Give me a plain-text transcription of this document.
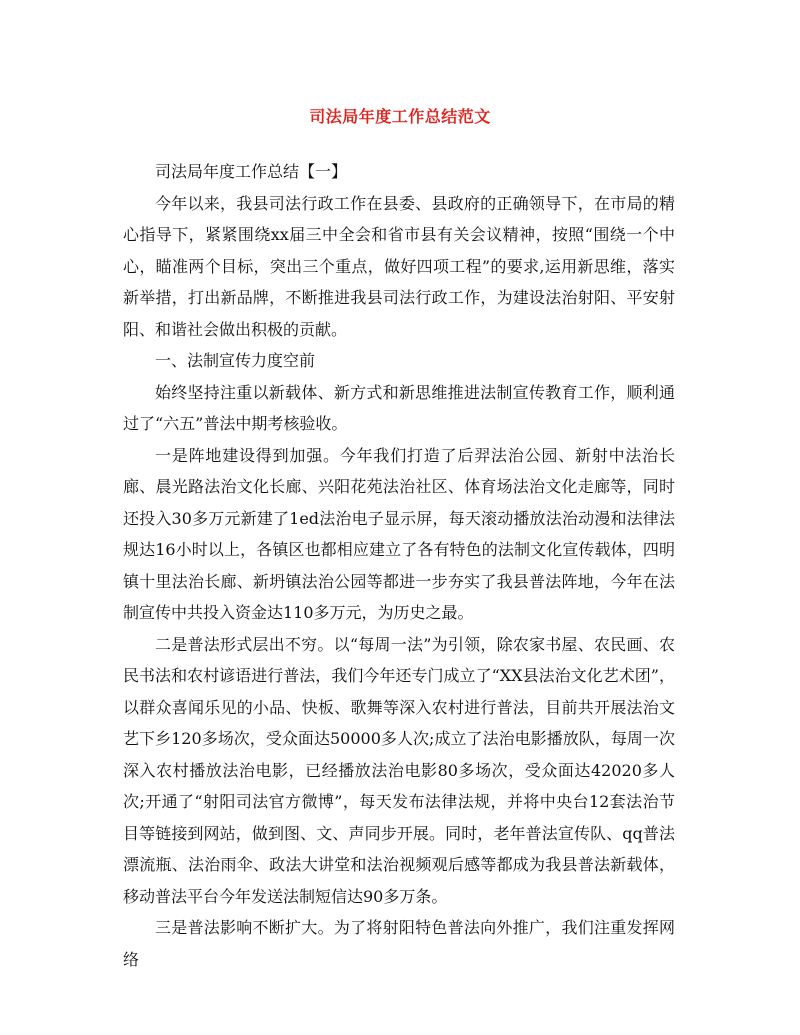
司法局年度工作总结范文

司法局年度工作总结【一】

今年以来，我县司法行政工作在县委、县政府的正确领导下，在市局的精心指导下，紧紧围绕xx届三中全会和省市县有关会议精神，按照“围绕一个中心，瞄准两个目标，突出三个重点，做好四项工程”的要求,运用新思维，落实新举措，打出新品牌，不断推进我县司法行政工作，为建设法治射阳、平安射阳、和谐社会做出积极的贡献。

一、法制宣传力度空前

始终坚持注重以新载体、新方式和新思维推进法制宣传教育工作，顺利通过了“六五”普法中期考核验收。

一是阵地建设得到加强。今年我们打造了后羿法治公园、新射中法治长廊、晨光路法治文化长廊、兴阳花苑法治社区、体育场法治文化走廊等，同时还投入30多万元新建了1ed法治电子显示屏，每天滚动播放法治动漫和法律法规达16小时以上，各镇区也都相应建立了各有特色的法制文化宣传载体，四明镇十里法治长廊、新坍镇法治公园等都进一步夯实了我县普法阵地，今年在法制宣传中共投入资金达110多万元，为历史之最。

二是普法形式层出不穷。以“每周一法”为引领，除农家书屋、农民画、农民书法和农村谚语进行普法，我们今年还专门成立了“XX县法治文化艺术团”，以群众喜闻乐见的小品、快板、歌舞等深入农村进行普法，目前共开展法治文艺下乡120多场次，受众面达50000多人次;成立了法治电影播放队，每周一次深入农村播放法治电影，已经播放法治电影80多场次，受众面达42020多人次;开通了“射阳司法官方微博”，每天发布法律法规，并将中央台12套法治节目等链接到网站，做到图、文、声同步开展。同时，老年普法宣传队、qq普法漂流瓶、法治雨伞、政法大讲堂和法治视频观后感等都成为我县普法新载体，移动普法平台今年发送法制短信达90多万条。

三是普法影响不断扩大。为了将射阳特色普法向外推广，我们注重发挥网络
